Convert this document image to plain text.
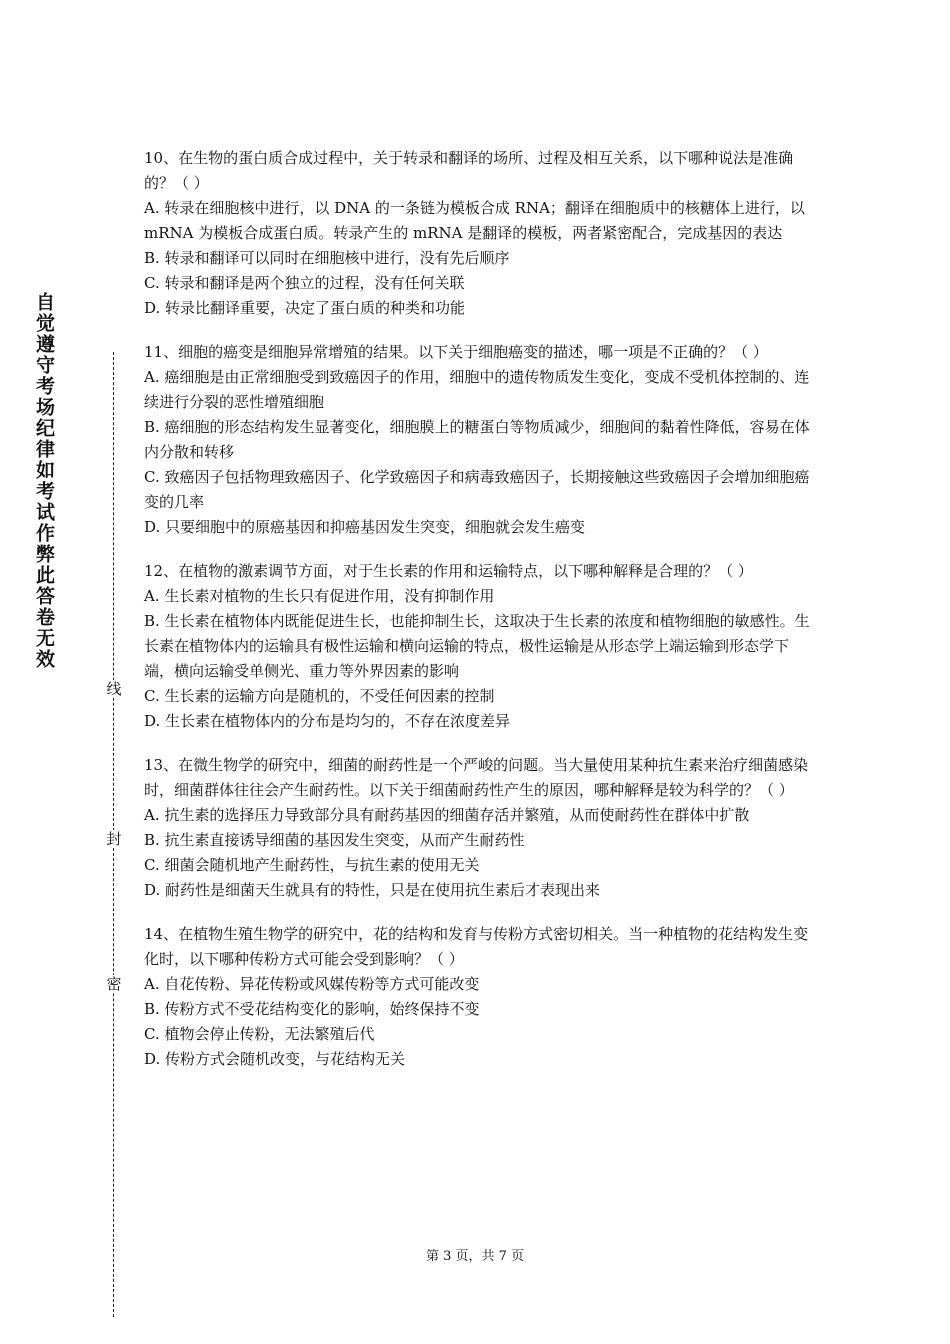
自觉遵守考场纪律如考试作弊此答卷无效
线
封
密

10、在生物的蛋白质合成过程中，关于转录和翻译的场所、过程及相互关系，以下哪种说法是准确的？（ ）

A. 转录在细胞核中进行，以 DNA 的一条链为模板合成 RNA；翻译在细胞质中的核糖体上进行，以 mRNA 为模板合成蛋白质。转录产生的 mRNA 是翻译的模板，两者紧密配合，完成基因的表达

B. 转录和翻译可以同时在细胞核中进行，没有先后顺序

C. 转录和翻译是两个独立的过程，没有任何关联

D. 转录比翻译重要，决定了蛋白质的种类和功能

11、细胞的癌变是细胞异常增殖的结果。以下关于细胞癌变的描述，哪一项是不正确的？（ ）

A. 癌细胞是由正常细胞受到致癌因子的作用，细胞中的遗传物质发生变化，变成不受机体控制的、连续进行分裂的恶性增殖细胞

B. 癌细胞的形态结构发生显著变化，细胞膜上的糖蛋白等物质减少，细胞间的黏着性降低，容易在体内分散和转移

C. 致癌因子包括物理致癌因子、化学致癌因子和病毒致癌因子，长期接触这些致癌因子会增加细胞癌变的几率

D. 只要细胞中的原癌基因和抑癌基因发生突变，细胞就会发生癌变

12、在植物的激素调节方面，对于生长素的作用和运输特点，以下哪种解释是合理的？（ ）

A. 生长素对植物的生长只有促进作用，没有抑制作用

B. 生长素在植物体内既能促进生长，也能抑制生长，这取决于生长素的浓度和植物细胞的敏感性。生长素在植物体内的运输具有极性运输和横向运输的特点，极性运输是从形态学上端运输到形态学下端，横向运输受单侧光、重力等外界因素的影响

C. 生长素的运输方向是随机的，不受任何因素的控制

D. 生长素在植物体内的分布是均匀的，不存在浓度差异

13、在微生物学的研究中，细菌的耐药性是一个严峻的问题。当大量使用某种抗生素来治疗细菌感染时，细菌群体往往会产生耐药性。以下关于细菌耐药性产生的原因，哪种解释是较为科学的？（ ）

A. 抗生素的选择压力导致部分具有耐药基因的细菌存活并繁殖，从而使耐药性在群体中扩散

B. 抗生素直接诱导细菌的基因发生突变，从而产生耐药性

C. 细菌会随机地产生耐药性，与抗生素的使用无关

D. 耐药性是细菌天生就具有的特性，只是在使用抗生素后才表现出来

14、在植物生殖生物学的研究中，花的结构和发育与传粉方式密切相关。当一种植物的花结构发生变化时，以下哪种传粉方式可能会受到影响？（ ）

A. 自花传粉、异花传粉或风媒传粉等方式可能改变

B. 传粉方式不受花结构变化的影响，始终保持不变

C. 植物会停止传粉，无法繁殖后代

D. 传粉方式会随机改变，与花结构无关

第 3 页，共 7 页
